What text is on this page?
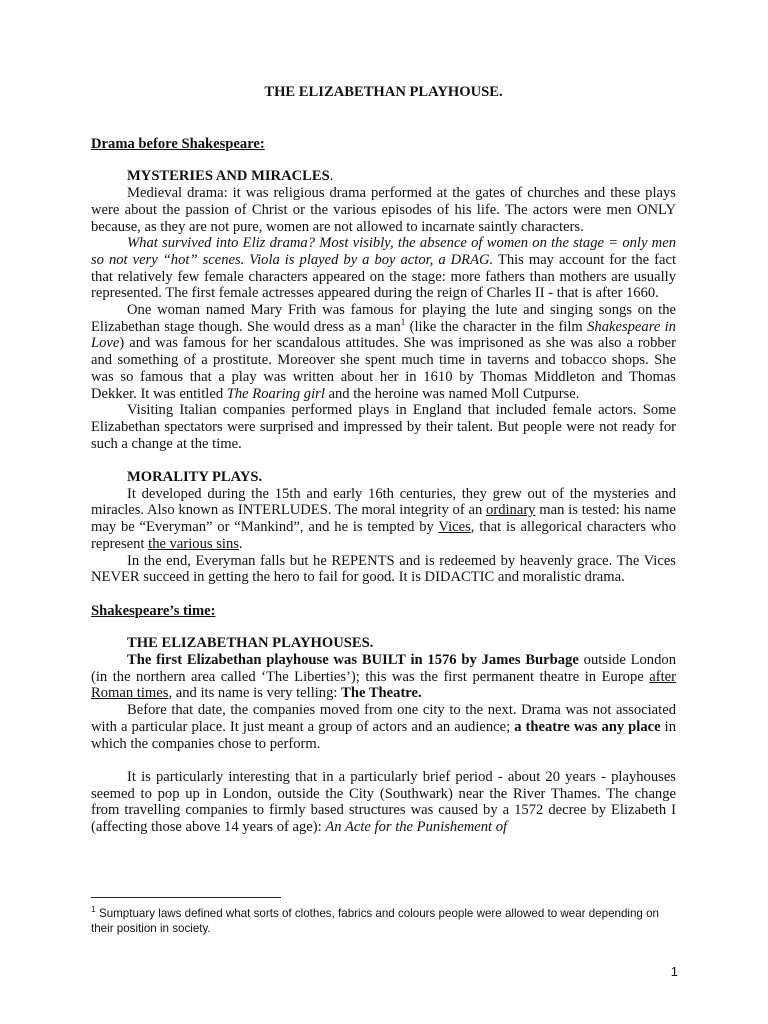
THE ELIZABETHAN PLAYHOUSE.
Drama before Shakespeare:
MYSTERIES AND MIRACLES.

Medieval drama: it was religious drama performed at the gates of churches and these plays were about the passion of Christ or the various episodes of his life. The actors were men ONLY because, as they are not pure, women are not allowed to incarnate saintly characters.

What survived into Eliz drama? Most visibly, the absence of women on the stage = only men so not very “hot” scenes. Viola is played by a boy actor, a DRAG. This may account for the fact that relatively few female characters appeared on the stage: more fathers than mothers are usually represented. The first female actresses appeared during the reign of Charles II - that is after 1660.

One woman named Mary Frith was famous for playing the lute and singing songs on the Elizabethan stage though. She would dress as a man$^1$ (like the character in the film Shakespeare in Love) and was famous for her scandalous attitudes. She was imprisoned as she was also a robber and something of a prostitute. Moreover she spent much time in taverns and tobacco shops. She was so famous that a play was written about her in 1610 by Thomas Middleton and Thomas Dekker. It was entitled The Roaring girl and the heroine was named Moll Cutpurse.

Visiting Italian companies performed plays in England that included female actors. Some Elizabethan spectators were surprised and impressed by their talent. But people were not ready for such a change at the time.

MORALITY PLAYS.

It developed during the 15th and early 16th centuries, they grew out of the mysteries and miracles. Also known as INTERLUDES. The moral integrity of an ordinary man is tested: his name may be “Everyman” or “Mankind”, and he is tempted by Vices, that is allegorical characters who represent the various sins.

In the end, Everyman falls but he REPENTS and is redeemed by heavenly grace. The Vices NEVER succeed in getting the hero to fail for good. It is DIDACTIC and moralistic drama.

Shakespeare’s time:
THE ELIZABETHAN PLAYHOUSES.

The first Elizabethan playhouse was BUILT in 1576 by James Burbage outside London (in the northern area called ‘The Liberties’); this was the first permanent theatre in Europe after Roman times, and its name is very telling: The Theatre.

Before that date, the companies moved from one city to the next. Drama was not associated with a particular place. It just meant a group of actors and an audience; a theatre was any place in which the companies chose to perform.

It is particularly interesting that in a particularly brief period - about 20 years - playhouses seemed to pop up in London, outside the City (Southwark) near the River Thames. The change from travelling companies to firmly based structures was caused by a 1572 decree by Elizabeth I (affecting those above 14 years of age): An Acte for the Punishement of

$^1$ Sumptuary laws defined what sorts of clothes, fabrics and colours people were allowed to wear depending on their position in society.
1
